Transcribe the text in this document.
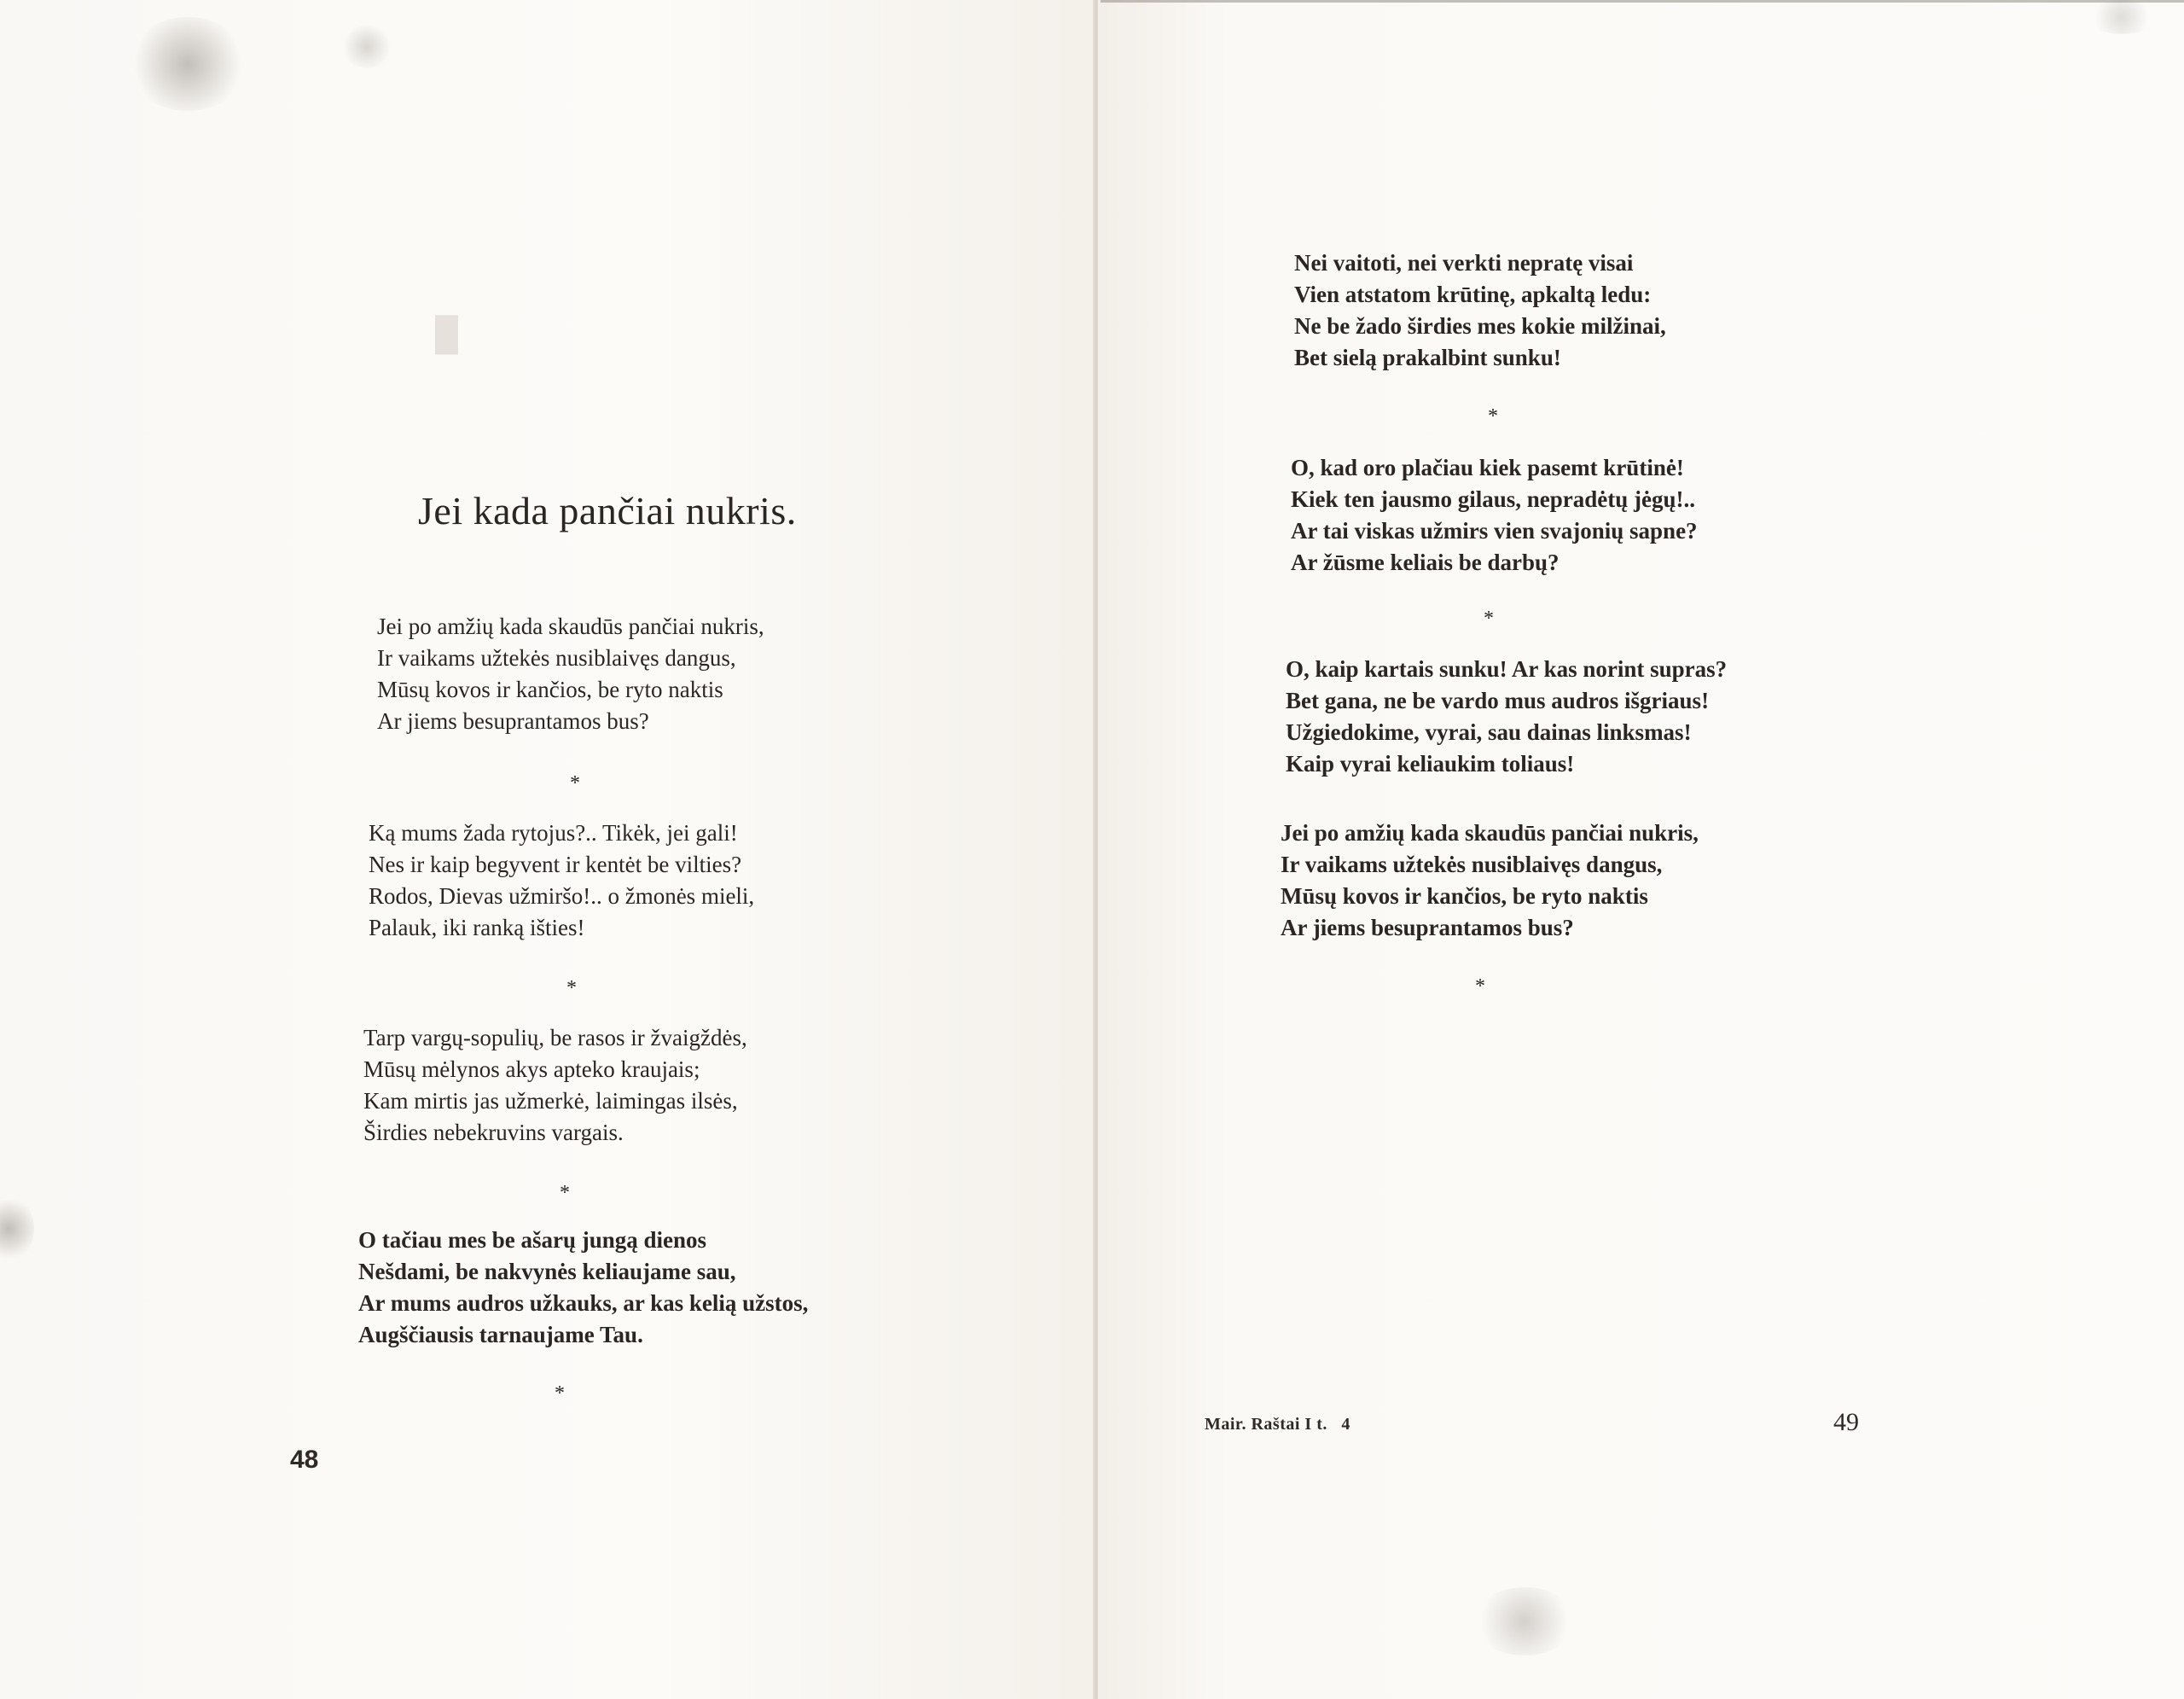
█
Jei kada pančiai nukris.
Jei po amžių kada skaudūs pančiai nukris,
Ir vaikams užtekės nusiblaivęs dangus,
Mūsų kovos ir kančios, be ryto naktis
Ar jiems besuprantamos bus?
*
Ką mums žada rytojus?.. Tikėk, jei gali!
Nes ir kaip begyvent ir kentėt be vilties?
Rodos, Dievas užmiršo!.. o žmonės mieli,
Palauk, iki ranką išties!
*
Tarp vargų-sopulių, be rasos ir žvaigždės,
Mūsų mėlynos akys apteko kraujais;
Kam mirtis jas užmerkė, laimingas ilsės,
Širdies nebekruvins vargais.
*
O tačiau mes be ašarų jungą dienos
Nešdami, be nakvynės keliaujame sau,
Ar mums audros užkauks, ar kas kelią užstos,
Augščiausis tarnaujame Tau.
*
48
Nei vaitoti, nei verkti nepratę visai
Vien atstatom krūtinę, apkaltą ledu:
Ne be žado širdies mes kokie milžinai,
Bet sielą prakalbint sunku!
*
O, kad oro plačiau kiek pasemt krūtinė!
Kiek ten jausmo gilaus, nepradėtų jėgų!..
Ar tai viskas užmirs vien svajonių sapne?
Ar žūsme keliais be darbų?
*
O, kaip kartais sunku! Ar kas norint supras?
Bet gana, ne be vardo mus audros išgriaus!
Užgiedokime, vyrai, sau dainas linksmas!
Kaip vyrai keliaukim toliaus!
Jei po amžių kada skaudūs pančiai nukris,
Ir vaikams užtekės nusiblaivęs dangus,
Mūsų kovos ir kančios, be ryto naktis
Ar jiems besuprantamos bus?
*
49
Mair. Raštai I t.   4
